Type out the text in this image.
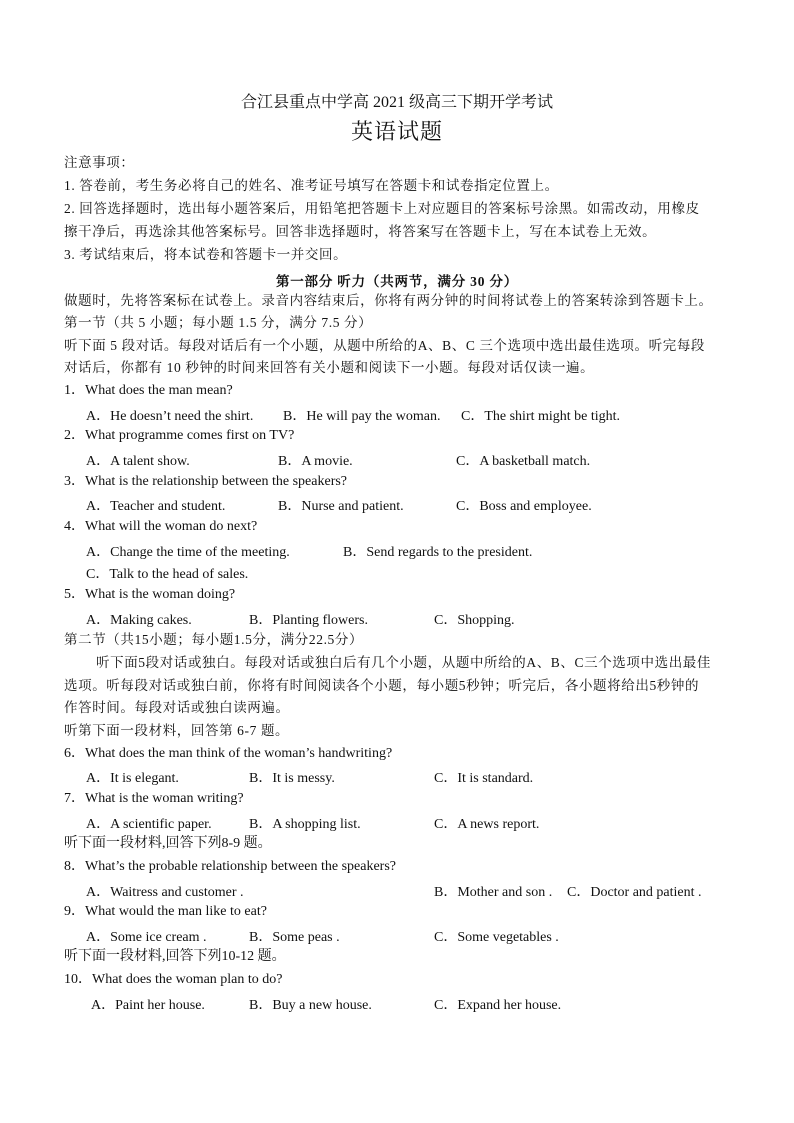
合江县重点中学高 2021 级高三下期开学考试
英语试题
注意事项：
1. 答卷前，考生务必将自己的姓名、准考证号填写在答题卡和试卷指定位置上。
2. 回答选择题时，选出每小题答案后，用铅笔把答题卡上对应题目的答案标号涂黑。如需改动，用橡皮
擦干净后，再选涂其他答案标号。回答非选择题时，将答案写在答题卡上，写在本试卷上无效。
3. 考试结束后，将本试卷和答题卡一并交回。
第一部分 听力（共两节，满分 30 分）
做题时，先将答案标在试卷上。录音内容结束后，你将有两分钟的时间将试卷上的答案转涂到答题卡上。
第一节（共 5 小题；每小题 1.5 分，满分 7.5 分）
听下面 5 段对话。每段对话后有一个小题，从题中所给的A、B、C 三个选项中选出最佳选项。听完每段
对话后，你都有 10 秒钟的时间来回答有关小题和阅读下一小题。每段对话仅读一遍。
1．What does the man mean?
A．He doesn’t need the shirt. B．He will pay the woman. C．The shirt might be tight.
2．What programme comes first on TV?
A．A talent show.	B．A movie.	C．A basketball match.
3．What is the relationship between the speakers?
A．Teacher and student.	B．Nurse and patient.	C．Boss and employee.
4．What will the woman do next?
A．Change the time of the meeting.	B．Send regards to the president.
C．Talk to the head of sales.
5．What is the woman doing?
A．Making cakes.	B．Planting flowers.	C．Shopping.
第二节（共15小题；每小题1.5分，满分22.5分）
听下面5段对话或独白。每段对话或独白后有几个小题，从题中所给的A、B、C三个选项中选出最佳
选项。听每段对话或独白前，你将有时间阅读各个小题，每小题5秒钟；听完后，各小题将给出5秒钟的
作答时间。每段对话或独白读两遍。
听第下面一段材料，回答第 6-7 题。
6．What does the man think of the woman’s handwriting?
A．It is elegant.	B．It is messy.	C．It is standard.
7．What is the woman writing?
A．A scientific paper.	B．A shopping list.	C．A news report.
听下面一段材料,回答下列8-9 题。
8．What’s the probable relationship between the speakers?
A．Waitress and customer .	B．Mother and son . C．Doctor and patient .
9．What would the man like to eat?
A．Some ice cream .	B．Some peas .	C．Some vegetables .
听下面一段材料,回答下列10-12 题。
10．What does the woman plan to do?
A．Paint her house.	B．Buy a new house.	C．Expand her house.
